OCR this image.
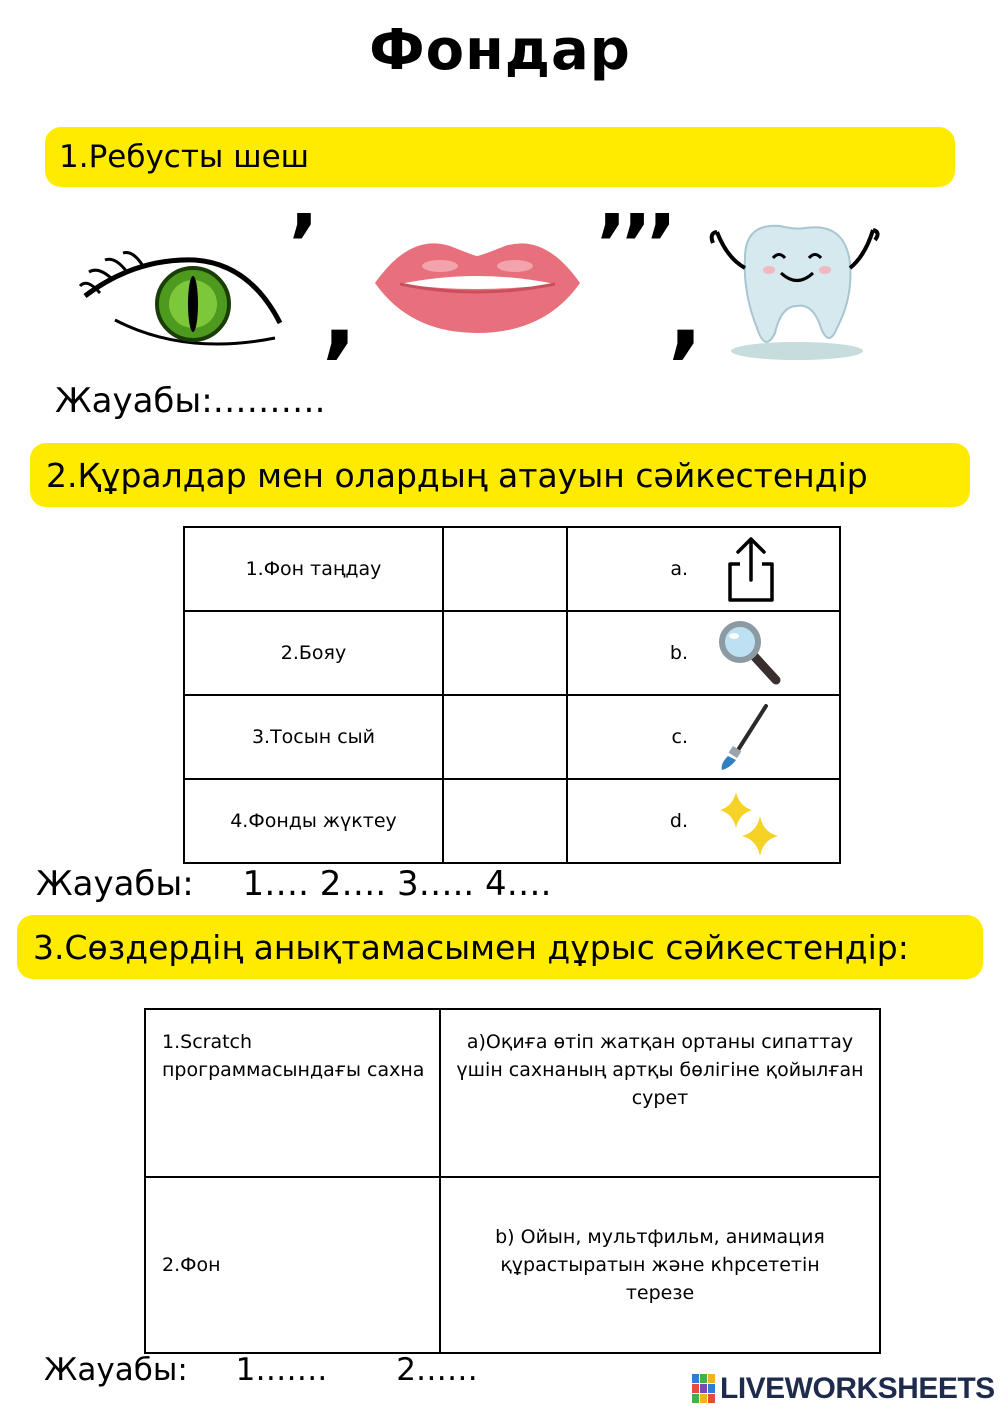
Фондар
1.Ребусты шеш
’
,
’’’
,
Жауабы:……….
2.Құралдар мен олардың атауын сәйкестендір
1.Фон таңдау		a.

2.Бояу		b.

3.Тосын сый		c.

4.Фонды жүктеу		d.
Жауабы: 1…. 2…. 3….. 4….
3.Сөздердің анықтамасымен дұрыс сәйкестендір:
1.Scratch программасындағы сахна	а)Оқиға өтіп жатқан ортаны сипаттау үшін сахнаның артқы бөлігіне қойылған сурет
2.Фон	b) Ойын, мультфильм, анимация құрастыратын және кһрсететін терезе
Жауабы: 1…….       2……
LIVEWORKSHEETS
